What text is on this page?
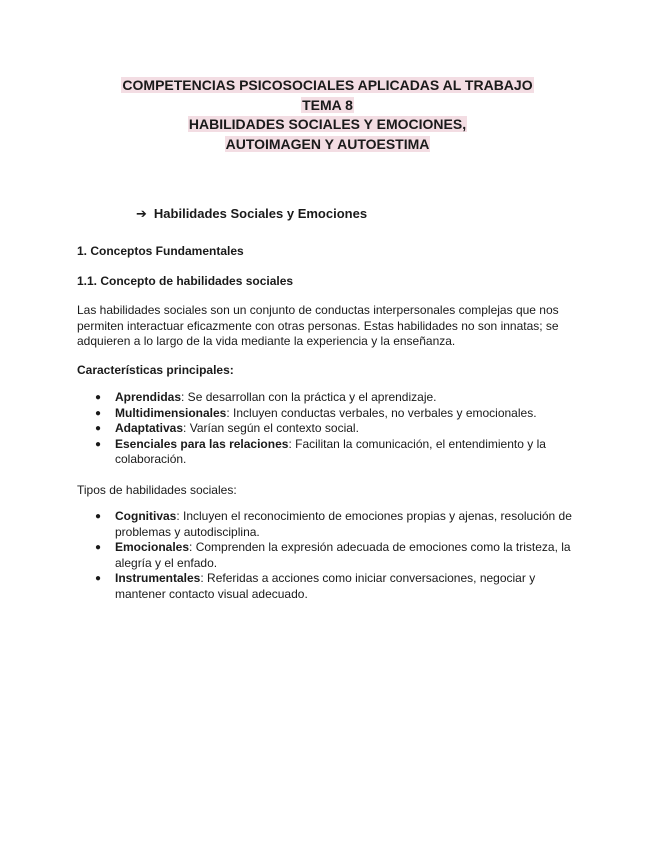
COMPETENCIAS PSICOSOCIALES APLICADAS AL TRABAJO
TEMA 8
HABILIDADES SOCIALES Y EMOCIONES,
AUTOIMAGEN Y AUTOESTIMA
➔ Habilidades Sociales y Emociones
1. Conceptos Fundamentales
1.1. Concepto de habilidades sociales
Las habilidades sociales son un conjunto de conductas interpersonales complejas que nos permiten interactuar eficazmente con otras personas. Estas habilidades no son innatas; se adquieren a lo largo de la vida mediante la experiencia y la enseñanza.
Características principales:
● Aprendidas: Se desarrollan con la práctica y el aprendizaje.
● Multidimensionales: Incluyen conductas verbales, no verbales y emocionales.
● Adaptativas: Varían según el contexto social.
● Esenciales para las relaciones: Facilitan la comunicación, el entendimiento y la colaboración.
Tipos de habilidades sociales:
● Cognitivas: Incluyen el reconocimiento de emociones propias y ajenas, resolución de problemas y autodisciplina.
● Emocionales: Comprenden la expresión adecuada de emociones como la tristeza, la alegría y el enfado.
● Instrumentales: Referidas a acciones como iniciar conversaciones, negociar y mantener contacto visual adecuado.
